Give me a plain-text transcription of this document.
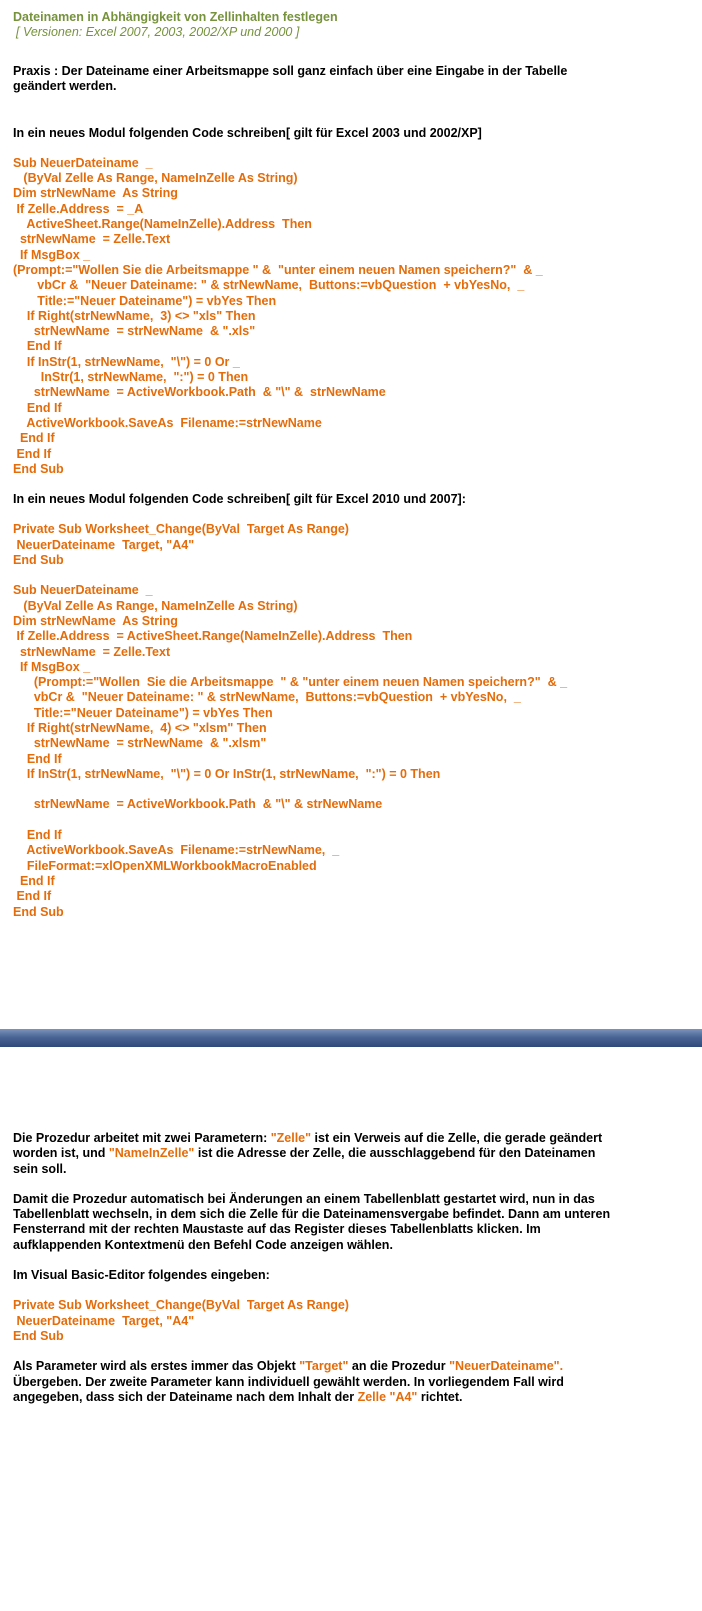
Dateinamen in Abhängigkeit von Zellinhalten festlegen
[ Versionen: Excel 2007, 2003, 2002/XP und 2000 ]

Praxis : Der Dateiname einer Arbeitsmappe soll ganz einfach über eine Eingabe in der Tabelle
geändert werden.

In ein neues Modul folgenden Code schreiben[ gilt für Excel 2003 und 2002/XP]

Sub NeuerDateiname  _
(ByVal Zelle As Range, NameInZelle As String)
Dim strNewName  As String
If Zelle.Address  = _A
ActiveSheet.Range(NameInZelle).Address  Then
strNewName  = Zelle.Text
If MsgBox _
(Prompt:="Wollen Sie die Arbeitsmappe " &  "unter einem neuen Namen speichern?"  & _
vbCr &  "Neuer Dateiname: " & strNewName,  Buttons:=vbQuestion  + vbYesNo,  _
Title:="Neuer Dateiname") = vbYes Then
If Right(strNewName,  3) <> "xls" Then
strNewName  = strNewName  & ".xls"
End If
If InStr(1, strNewName,  "\") = 0 Or _
InStr(1, strNewName,  ":") = 0 Then
strNewName  = ActiveWorkbook.Path  & "\" &  strNewName
End If
ActiveWorkbook.SaveAs  Filename:=strNewName
End If
End If
End Sub

In ein neues Modul folgenden Code schreiben[ gilt für Excel 2010 und 2007]:

Private Sub Worksheet_Change(ByVal  Target As Range)
NeuerDateiname  Target, "A4"
End Sub
Sub NeuerDateiname  _
(ByVal Zelle As Range, NameInZelle As String)
Dim strNewName  As String
If Zelle.Address  = ActiveSheet.Range(NameInZelle).Address  Then
strNewName  = Zelle.Text
If MsgBox _
(Prompt:="Wollen  Sie die Arbeitsmappe  " & "unter einem neuen Namen speichern?"  & _
vbCr &  "Neuer Dateiname: " & strNewName,  Buttons:=vbQuestion  + vbYesNo,  _
Title:="Neuer Dateiname") = vbYes Then
If Right(strNewName,  4) <> "xlsm" Then
strNewName  = strNewName  & ".xlsm"
End If
If InStr(1, strNewName,  "\") = 0 Or InStr(1, strNewName,  ":") = 0 Then
strNewName  = ActiveWorkbook.Path  & "\" & strNewName
End If
ActiveWorkbook.SaveAs  Filename:=strNewName,  _
FileFormat:=xlOpenXMLWorkbookMacroEnabled
End If
End If
End Sub

Die Prozedur arbeitet mit zwei Parametern: "Zelle" ist ein Verweis auf die Zelle, die gerade geändert worden ist, und "NameInZelle" ist die Adresse der Zelle, die ausschlaggebend für den Dateinamen sein soll.

Damit die Prozedur automatisch bei Änderungen an einem Tabellenblatt gestartet wird, nun in das Tabellenblatt wechseln, in dem sich die Zelle für die Dateinamensvergabe befindet. Dann am unteren Fensterrand mit der rechten Maustaste auf das Register dieses Tabellenblatts klicken. Im aufklappenden Kontextmenü den Befehl Code anzeigen wählen.

Im Visual Basic-Editor folgendes eingeben:

Private Sub Worksheet_Change(ByVal  Target As Range)
NeuerDateiname  Target, "A4"
End Sub

Als Parameter wird als erstes immer das Objekt "Target" an die Prozedur "NeuerDateiname". Übergeben. Der zweite Parameter kann individuell gewählt werden. In vorliegendem Fall wird angegeben, dass sich der Dateiname nach dem Inhalt der Zelle "A4" richtet.
